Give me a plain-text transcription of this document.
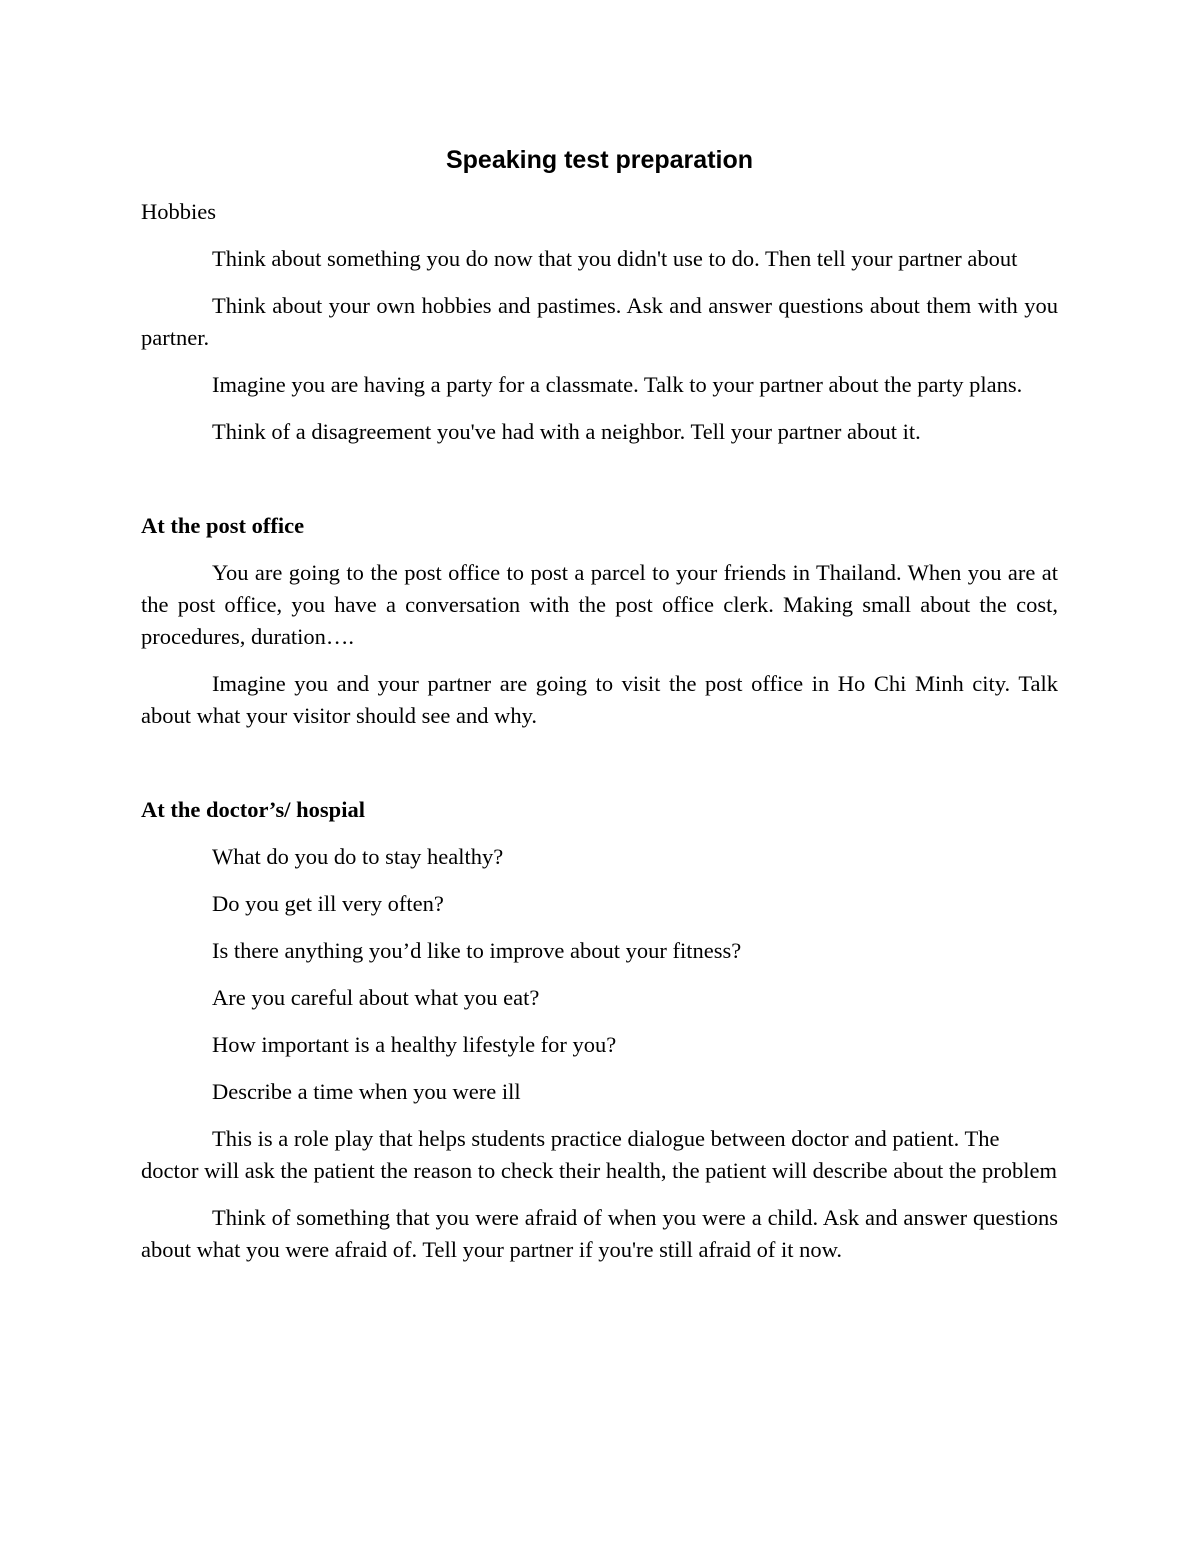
Speaking test preparation
Hobbies

Think about something you do now that you didn't use to do. Then tell your partner about

Think about your own hobbies and pastimes. Ask and answer questions about them with you partner.

Imagine you are having a party for a classmate. Talk to your partner about the party plans.

Think of a disagreement you've had with a neighbor. Tell your partner about it.

At the post office

You are going to the post office to post a parcel to your friends in Thailand. When you are at the post office, you have a conversation with the post office clerk. Making small about the cost, procedures, duration….

Imagine you and your partner are going to visit the post office in Ho Chi Minh city. Talk about what your visitor should see and why.

At the doctor’s/ hospial

What do you do to stay healthy?

Do you get ill very often?

Is there anything you’d like to improve about your fitness?

Are you careful about what you eat?

How important is a healthy lifestyle for you?

Describe a time when you were ill

This is a role play that helps students practice dialogue between doctor and patient. The doctor will ask the patient the reason to check their health, the patient will describe about the problem

Think of something that you were afraid of when you were a child. Ask and answer questions about what you were afraid of. Tell your partner if you're still afraid of it now.
